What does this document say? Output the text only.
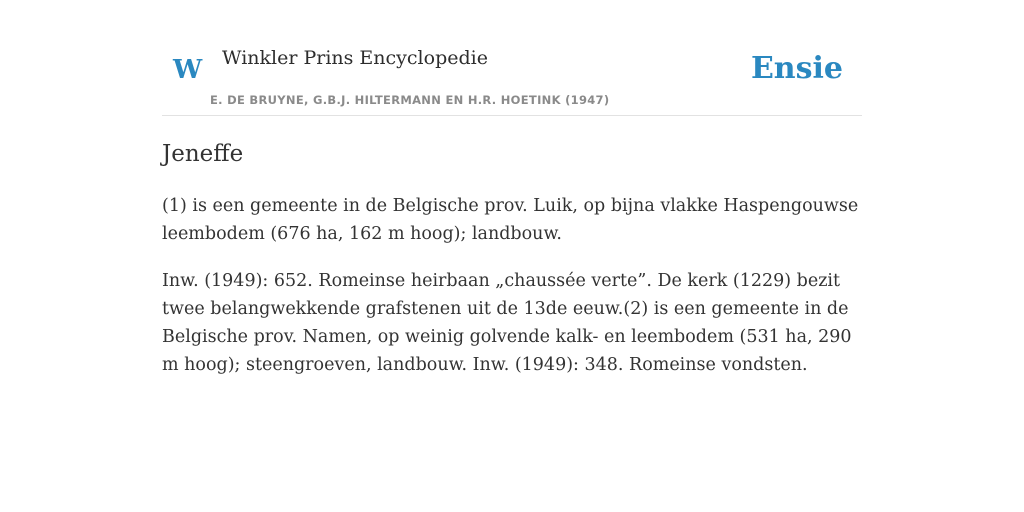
W Winkler Prins Encyclopedie
E. DE BRUYNE, G.B.J. HILTERMANN EN H.R. HOETINK (1947)
Ensie
Jeneffe

(1) is een gemeente in de Belgische prov. Luik, op bijna vlakke Haspengouwse leembodem (676 ha, 162 m hoog); landbouw.

Inw. (1949): 652. Romeinse heirbaan „chaussée verte”. De kerk (1229) bezit twee belangwekkende grafstenen uit de 13de eeuw.(2) is een gemeente in de Belgische prov. Namen, op weinig golvende kalk- en leembodem (531 ha, 290 m hoog); steengroeven, landbouw. Inw. (1949): 348. Romeinse vondsten.
